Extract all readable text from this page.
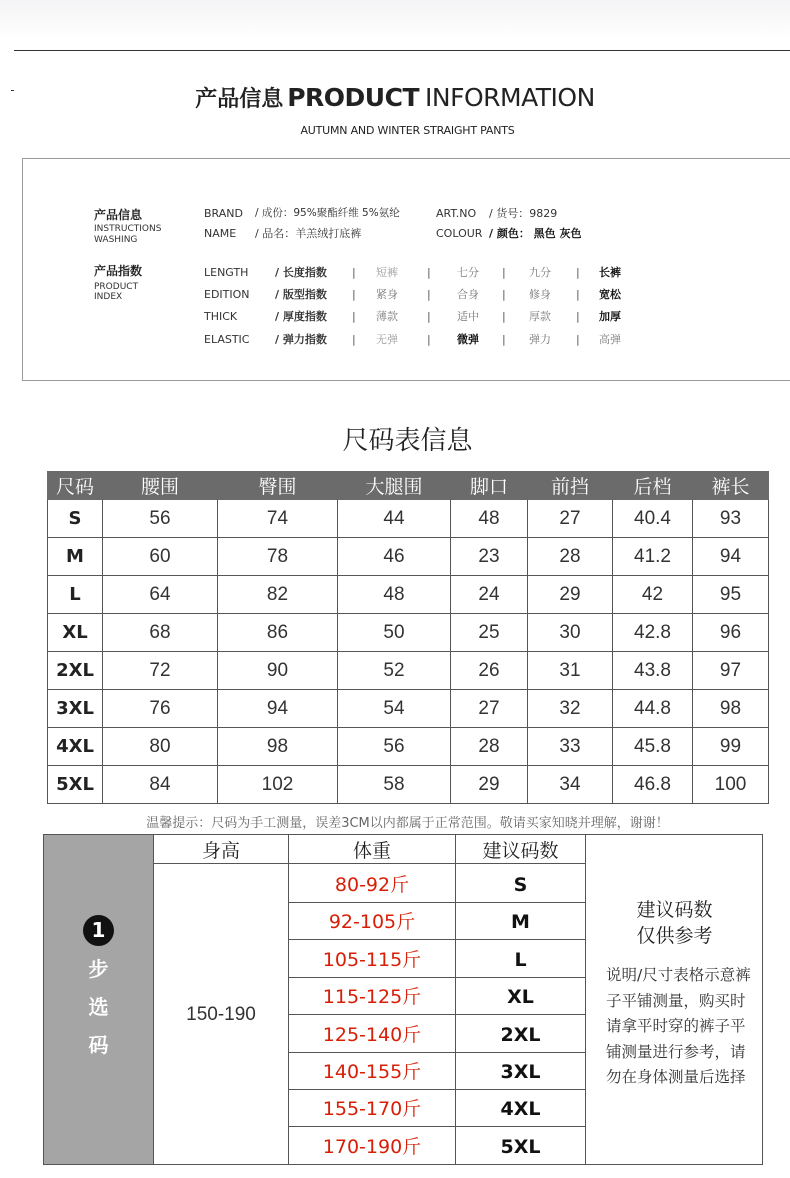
产品信息 PRODUCT INFORMATION
AUTUMN AND WINTER STRAIGHT PANTS
产品信息
INSTRUCTIONS
WASHING
BRAND / 成份：95%聚酯纤维 5%氨纶	ART.NO / 货号：9829
NAME / 品名：羊羔绒打底裤	COLOUR / 颜色： 黑色 灰色
产品指数
PRODUCT
INDEX
LENGTH / 长度指数 | 短裤	| 七分 | 九分 | 长裤
EDITION / 版型指数 | 紧身	| 合身 | 修身 | 宽松
THICK	/ 厚度指数 | 薄款	| 适中 | 厚款 | 加厚
ELASTIC / 弹力指数 | 无弹	| 微弹 | 弹力 | 高弹
尺码表信息
尺码	腰围	臀围	大腿围	脚口	前挡	后档	裤长
S	56	74	44	48	27	40.4	93
M	60	78	46	23	28	41.2	94
L	64	82	48	24	29	42	95
XL	68	86	50	25	30	42.8	96
2XL	72	90	52	26	31	43.8	97
3XL	76	94	54	27	32	44.8	98
4XL	80	98	56	28	33	45.8	99
5XL	84	102	58	29	34	46.8	100
温馨提示：尺码为手工测量，误差3CM以内都属于正常范围。敬请买家知晓并理解，谢谢！
1
步
选
码
身高	体重	建议码数
150-190
80-92斤	S
92-105斤	M
105-115斤	L
115-125斤	XL
125-140斤	2XL
140-155斤	3XL
155-170斤	4XL
170-190斤	5XL
建议码数
仅供参考
说明/尺寸表格示意裤子平铺测量，购买时请拿平时穿的裤子平铺测量进行参考，请勿在身体测量后选择
